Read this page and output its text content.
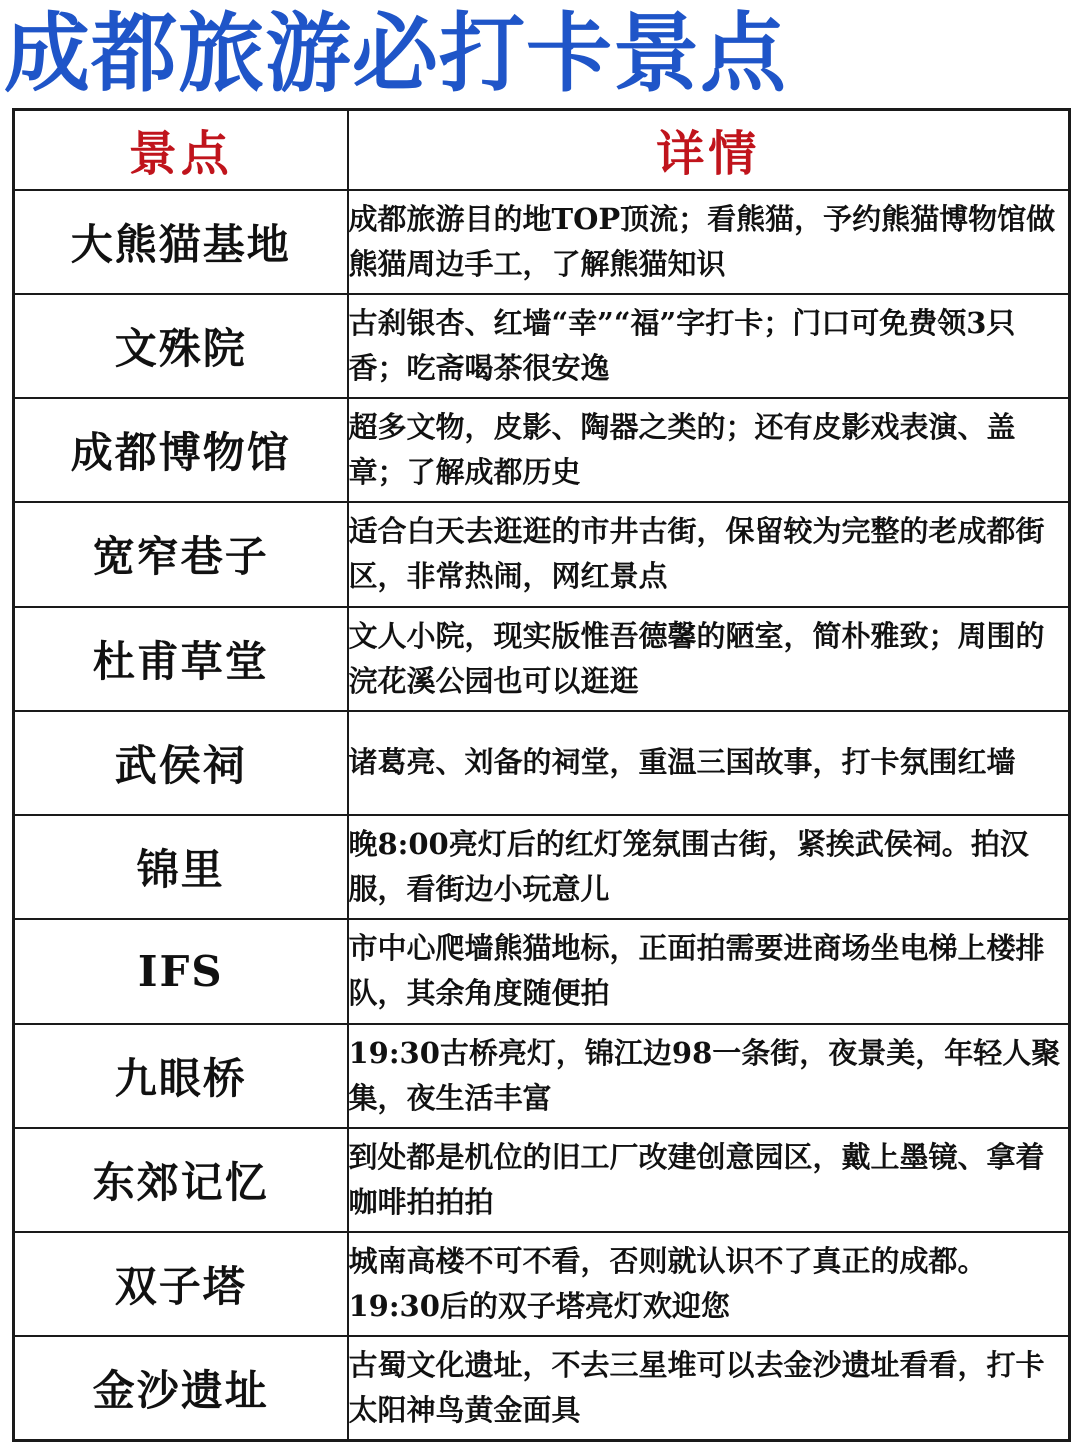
成都旅游必打卡景点
景点	详情
大熊猫基地	成都旅游目的地TOP顶流；看熊猫，予约熊猫博物馆做熊猫周边手工，了解熊猫知识
文殊院	古刹银杏、红墙“幸”“福”字打卡；门口可免费领3只香；吃斋喝茶很安逸
成都博物馆	超多文物，皮影、陶器之类的；还有皮影戏表演、盖章；了解成都历史
宽窄巷子	适合白天去逛逛的市井古街，保留较为完整的老成都街区，非常热闹，网红景点
杜甫草堂	文人小院，现实版惟吾德馨的陋室，简朴雅致；周围的浣花溪公园也可以逛逛
武侯祠	诸葛亮、刘备的祠堂，重温三国故事，打卡氛围红墙
锦里	晚8:00亮灯后的红灯笼氛围古街，紧挨武侯祠。拍汉服，看街边小玩意儿
IFS	市中心爬墙熊猫地标，正面拍需要进商场坐电梯上楼排队，其余角度随便拍
九眼桥	19:30古桥亮灯，锦江边98一条街，夜景美，年轻人聚集，夜生活丰富
东郊记忆	到处都是机位的旧工厂改建创意园区，戴上墨镜、拿着咖啡拍拍拍
双子塔	城南高楼不可不看，否则就认识不了真正的成都。19:30后的双子塔亮灯欢迎您
金沙遗址	古蜀文化遗址，不去三星堆可以去金沙遗址看看，打卡太阳神鸟黄金面具
